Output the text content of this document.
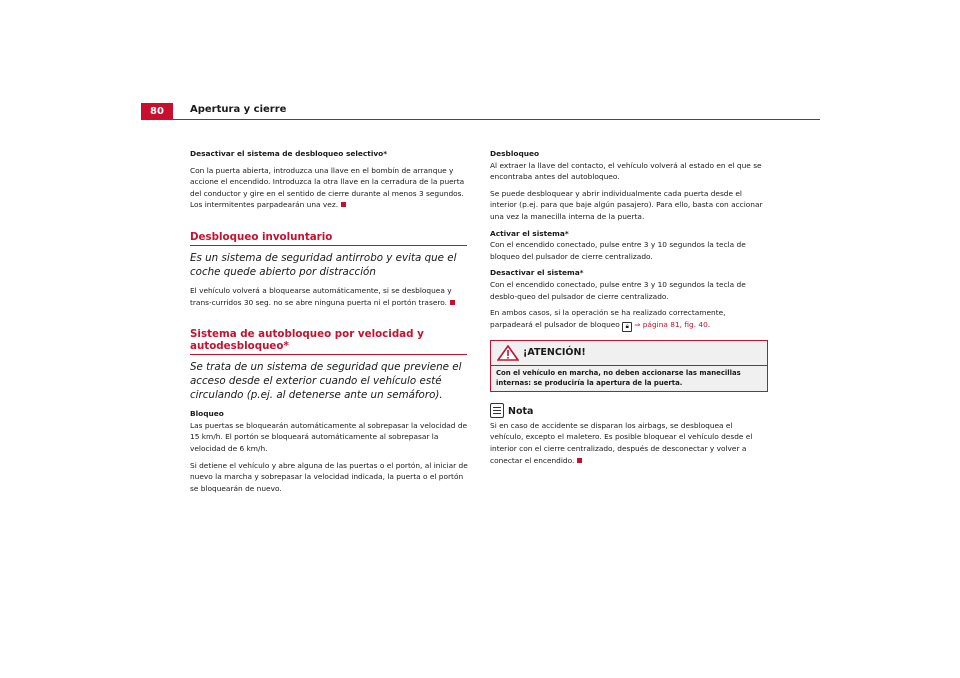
80	Apertura y cierre

Desactivar el sistema de desbloqueo selectivo*

Con la puerta abierta, introduzca una llave en el bombín de arranque y accione el encendido. Introduzca la otra llave en la cerradura de la puerta del conductor y gire en el sentido de cierre durante al menos 3 segundos. Los intermitentes parpadearán una vez.

Desbloqueo involuntario
Es un sistema de seguridad antirrobo y evita que el coche quede abierto por distracción

El vehículo volverá a bloquearse automáticamente, si se desbloquea y trans-curridos 30 seg. no se abre ninguna puerta ni el portón trasero.

Sistema de autobloqueo por velocidad y autodesbloqueo*
Se trata de un sistema de seguridad que previene el acceso desde el exterior cuando el vehículo esté circulando (p.ej. al detenerse ante un semáforo).

Bloqueo

Las puertas se bloquearán automáticamente al sobrepasar la velocidad de 15 km/h. El portón se bloqueará automáticamente al sobrepasar la velocidad de 6 km/h.

Si detiene el vehículo y abre alguna de las puertas o el portón, al iniciar de nuevo la marcha y sobrepasar la velocidad indicada, la puerta o el portón se bloquearán de nuevo.

Desbloqueo

Al extraer la llave del contacto, el vehículo volverá al estado en el que se encontraba antes del autobloqueo.

Se puede desbloquear y abrir individualmente cada puerta desde el interior (p.ej. para que baje algún pasajero). Para ello, basta con accionar una vez la manecilla interna de la puerta.

Activar el sistema*

Con el encendido conectado, pulse entre 3 y 10 segundos la tecla de bloqueo del pulsador de cierre centralizado.

Desactivar el sistema*

Con el encendido conectado, pulse entre 3 y 10 segundos la tecla de desblo-queo del pulsador de cierre centralizado.

En ambos casos, si la operación se ha realizado correctamente, parpadeará el pulsador de bloqueo 🔒︎ ⇒ página 81, fig. 40.

¡ATENCIÓN!
Con el vehículo en marcha, no deben accionarse las manecillas internas: se produciría la apertura de la puerta.
Nota

Si en caso de accidente se disparan los airbags, se desbloquea el vehículo, excepto el maletero. Es posible bloquear el vehículo desde el interior con el cierre centralizado, después de desconectar y volver a conectar el encendido.
